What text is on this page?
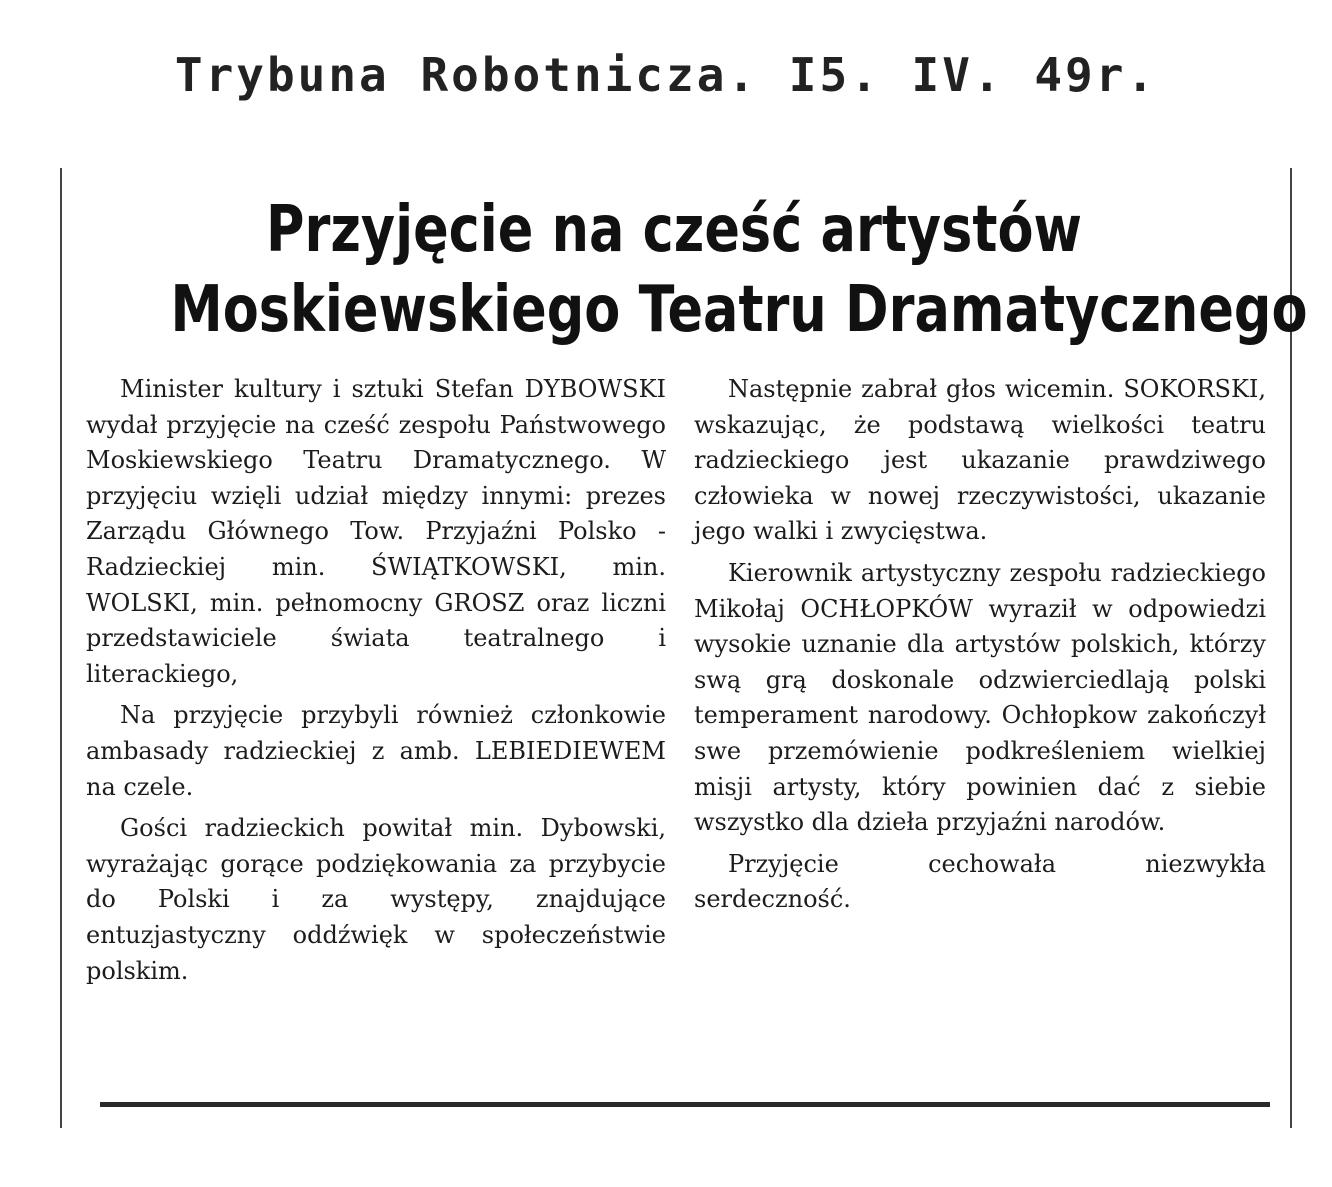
Trybuna Robotnicza. I5. IV. 49r.
Przyjęcie na cześć artystów
Moskiewskiego Teatru Dramatycznego

Minister kultury i sztuki Stefan DYBOWSKI wydał przyjęcie na cześć zespołu Państwowego Moskiewskiego Teatru Dramatycznego. W przyjęciu wzięli udział między innymi: prezes Zarządu Głównego Tow. Przyjaźni Polsko - Radzieckiej min. ŚWIĄTKOWSKI, min. WOLSKI, min. pełnomocny GROSZ oraz liczni przedstawiciele świata teatralnego i literackiego,

Na przyjęcie przybyli również członkowie ambasady radzieckiej z amb. LEBIEDIEWEM na czele.

Gości radzieckich powitał min. Dybowski, wyrażając gorące podziękowania za przybycie do Polski i za występy, znajdujące entuzjastyczny oddźwięk w społeczeństwie polskim.

Następnie zabrał głos wicemin. SOKORSKI, wskazując, że podstawą wielkości teatru radzieckiego jest ukazanie prawdziwego człowieka w nowej rzeczywistości, ukazanie jego walki i zwycięstwa.

Kierownik artystyczny zespołu radzieckiego Mikołaj OCHŁOPKÓW wyraził w odpowiedzi wysokie uznanie dla artystów polskich, którzy swą grą doskonale odzwierciedlają polski temperament narodowy. Ochłopkow zakończył swe przemówienie podkreśleniem wielkiej misji artysty, który powinien dać z siebie wszystko dla dzieła przyjaźni narodów.

Przyjęcie cechowała niezwykła serdeczność.
